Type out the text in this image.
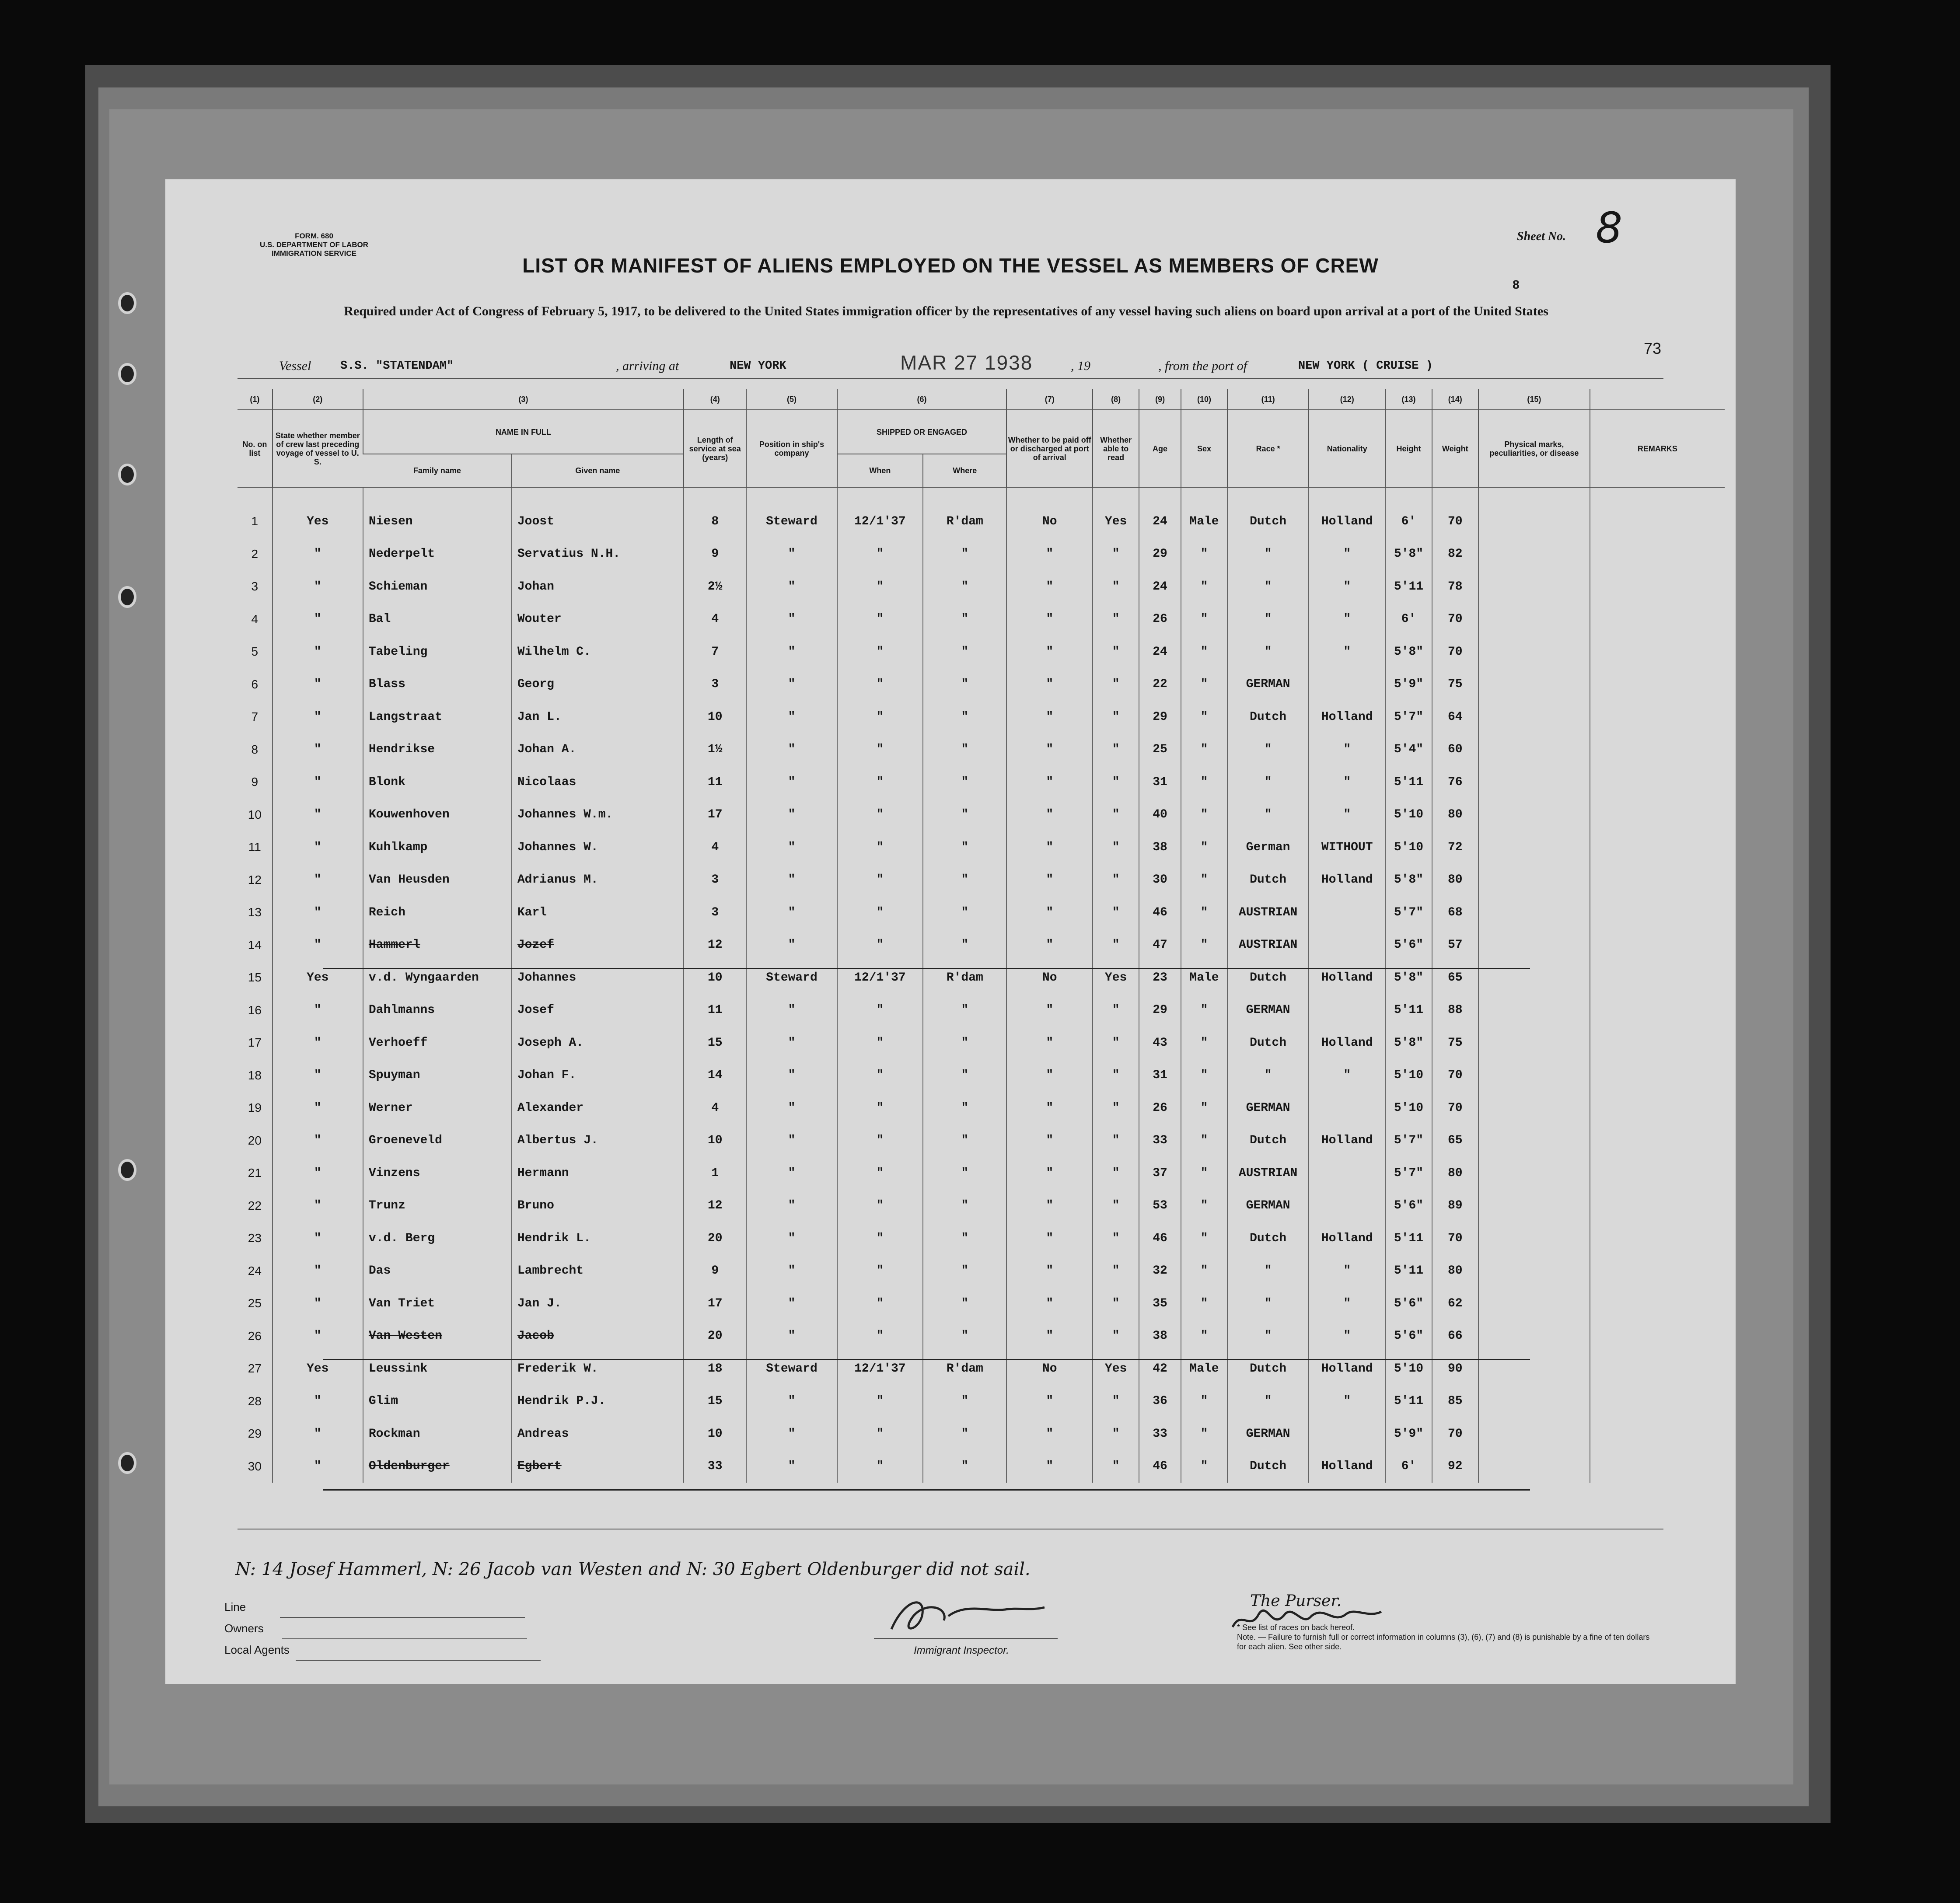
FORM. 680
U.S. DEPARTMENT OF LABOR
IMMIGRATION SERVICE
Sheet No. 8
LIST OR MANIFEST OF ALIENS EMPLOYED ON THE VESSEL AS MEMBERS OF CREW
8
Required under Act of Congress of February 5, 1917, to be delivered to the United States immigration officer by the representatives of any vessel having such aliens on board upon arrival at a port of the United States
73
Vessel S.S. "STATENDAM"	, arriving at	NEW YORK	MAR 27 1938	, 19	, from the port of	NEW YORK ( CRUISE )
(1)	(2)	(3)		(4)	(5)	(6)		(7)	(8)	(9)	(10)	(11)	(12)	(13)	(14)	(15)	
No. on list	State whether member of crew last preceding voyage of vessel to U. S.	NAME IN FULL		Length of service at sea (years)	Position in ship's company	SHIPPED OR ENGAGED		Whether to be paid off or discharged at port of arrival	Whether able to read	Age	Sex	Race *	Nationality	Height	Weight	Physical marks, peculiarities, or disease	REMARKS
		Family name	Given name			When	Where										

1	Yes	Niesen	Joost	8	Steward	12/1'37	R'dam	No	Yes	24	Male	Dutch	Holland	6'	70		
2	"	Nederpelt	Servatius N.H.	9	"	"	"	"	"	29	"	"	"	5'8"	82		
3	"	Schieman	Johan	2½	"	"	"	"	"	24	"	"	"	5'11	78		
4	"	Bal	Wouter	4	"	"	"	"	"	26	"	"	"	6'	70		
5	"	Tabeling	Wilhelm C.	7	"	"	"	"	"	24	"	"	"	5'8"	70		
6	"	Blass	Georg	3	"	"	"	"	"	22	"	GERMAN		5'9"	75		
7	"	Langstraat	Jan L.	10	"	"	"	"	"	29	"	Dutch	Holland	5'7"	64		
8	"	Hendrikse	Johan A.	1½	"	"	"	"	"	25	"	"	"	5'4"	60		
9	"	Blonk	Nicolaas	11	"	"	"	"	"	31	"	"	"	5'11	76		
10	"	Kouwenhoven	Johannes W.m.	17	"	"	"	"	"	40	"	"	"	5'10	80		
11	"	Kuhlkamp	Johannes W.	4	"	"	"	"	"	38	"	German	WITHOUT	5'10	72		
12	"	Van Heusden	Adrianus M.	3	"	"	"	"	"	30	"	Dutch	Holland	5'8"	80		
13	"	Reich	Karl	3	"	"	"	"	"	46	"	AUSTRIAN		5'7"	68		
14	"	Hammerl	Jozef	12	"	"	"	"	"	47	"	AUSTRIAN		5'6"	57		
15	Yes	v.d. Wyngaarden	Johannes	10	Steward	12/1'37	R'dam	No	Yes	23	Male	Dutch	Holland	5'8"	65		
16	"	Dahlmanns	Josef	11	"	"	"	"	"	29	"	GERMAN		5'11	88		
17	"	Verhoeff	Joseph A.	15	"	"	"	"	"	43	"	Dutch	Holland	5'8"	75		
18	"	Spuyman	Johan F.	14	"	"	"	"	"	31	"	"	"	5'10	70		
19	"	Werner	Alexander	4	"	"	"	"	"	26	"	GERMAN		5'10	70		
20	"	Groeneveld	Albertus J.	10	"	"	"	"	"	33	"	Dutch	Holland	5'7"	65		
21	"	Vinzens	Hermann	1	"	"	"	"	"	37	"	AUSTRIAN		5'7"	80		
22	"	Trunz	Bruno	12	"	"	"	"	"	53	"	GERMAN		5'6"	89		
23	"	v.d. Berg	Hendrik L.	20	"	"	"	"	"	46	"	Dutch	Holland	5'11	70		
24	"	Das	Lambrecht	9	"	"	"	"	"	32	"	"	"	5'11	80		
25	"	Van Triet	Jan J.	17	"	"	"	"	"	35	"	"	"	5'6"	62		
26	"	Van Westen	Jacob	20	"	"	"	"	"	38	"	"	"	5'6"	66		
27	Yes	Leussink	Frederik W.	18	Steward	12/1'37	R'dam	No	Yes	42	Male	Dutch	Holland	5'10	90		
28	"	Glim	Hendrik P.J.	15	"	"	"	"	"	36	"	"	"	5'11	85		
29	"	Rockman	Andreas	10	"	"	"	"	"	33	"	GERMAN		5'9"	70		
30	"	Oldenburger	Egbert	33	"	"	"	"	"	46	"	Dutch	Holland	6'	92		
N: 14 Josef Hammerl, N: 26 Jacob van Westen and N: 30 Egbert Oldenburger did not sail.
Line
Owners
Local Agents	Immigrant Inspector.
The Purser.
* See list of races on back hereof.
Note. — Failure to furnish full or correct information in columns (3), (6), (7) and (8) is punishable by a fine of ten dollars for each alien. See other side.
